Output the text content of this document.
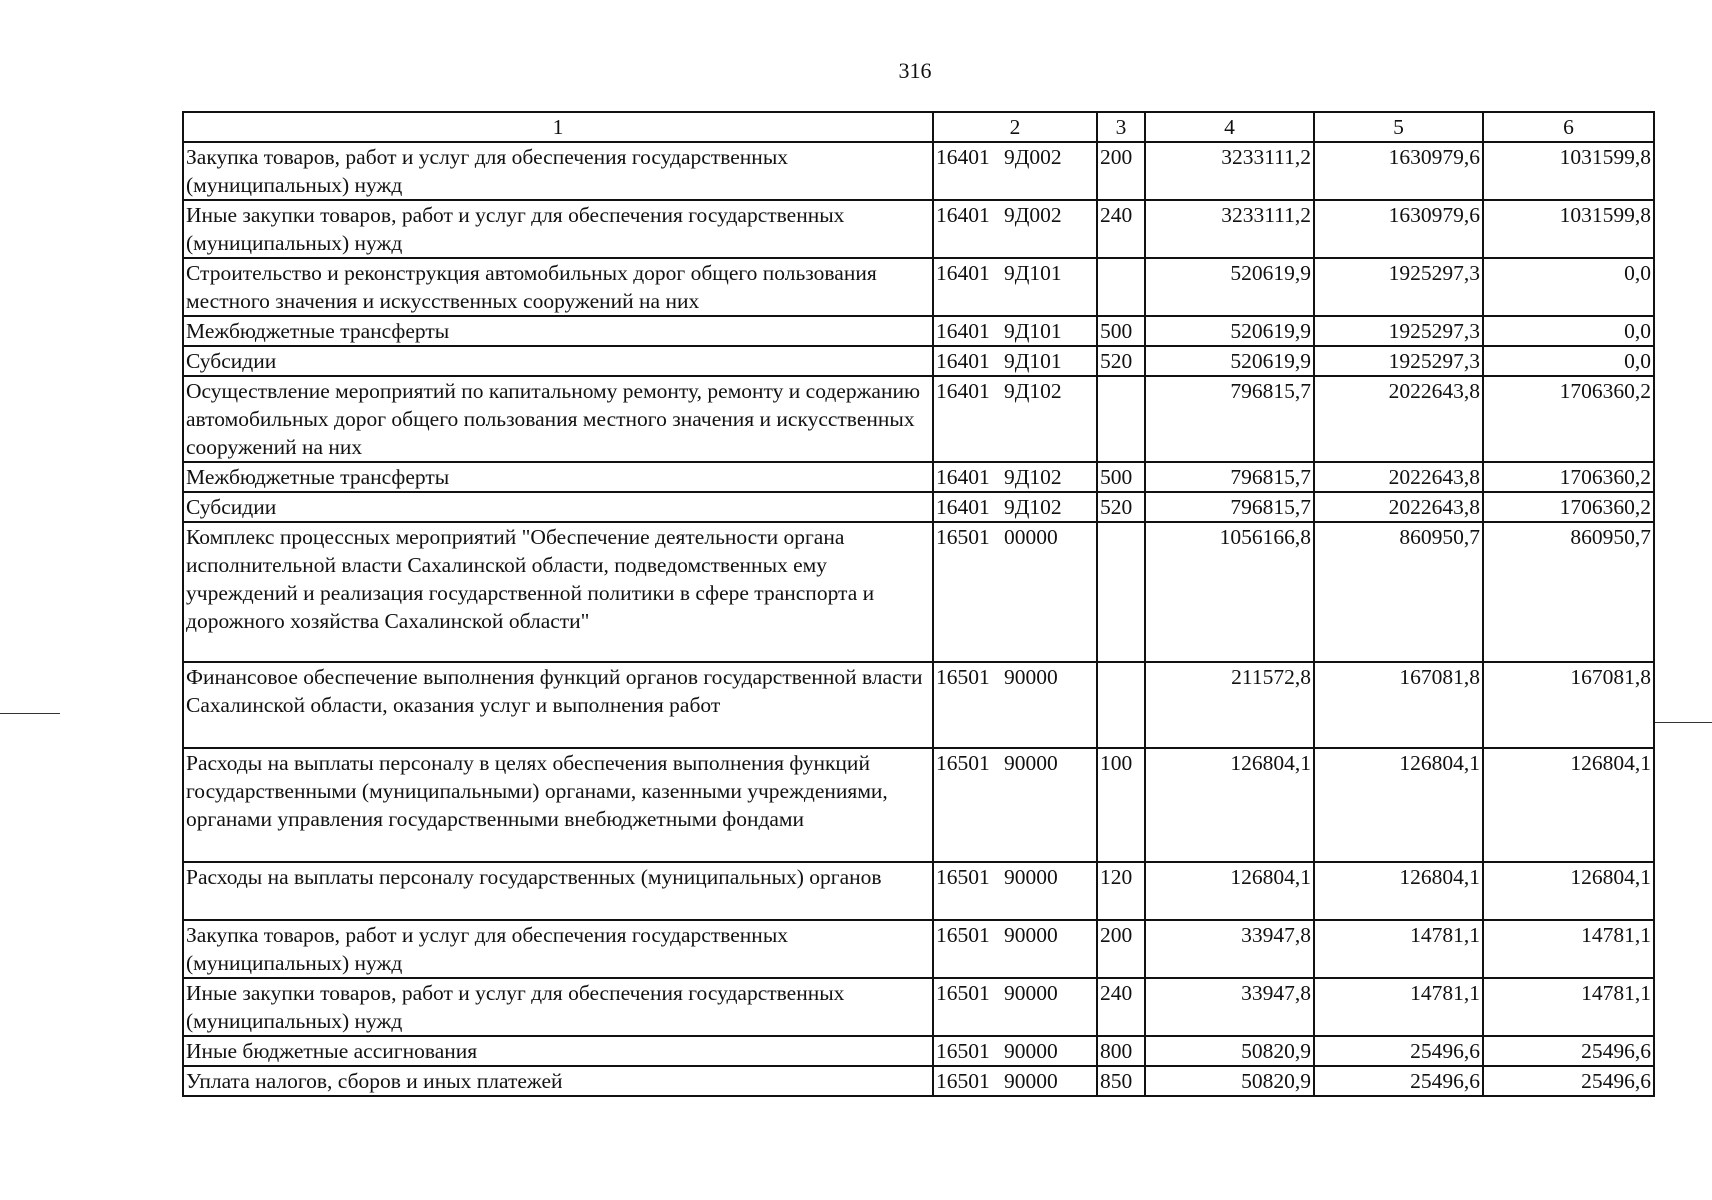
316
1	2	3	4	5	6
Закупка товаров, работ и услуг для обеспечения государственных (муниципальных) нужд	16401 9Д002	200	3233111,2	1630979,6	1031599,8
Иные закупки товаров, работ и услуг для обеспечения государственных (муниципальных) нужд	16401 9Д002	240	3233111,2	1630979,6	1031599,8
Строительство и реконструкция автомобильных дорог общего пользования местного значения и искусственных сооружений на них	16401 9Д101		520619,9	1925297,3	0,0
Межбюджетные трансферты	16401 9Д101	500	520619,9	1925297,3	0,0
Субсидии	16401 9Д101	520	520619,9	1925297,3	0,0
Осуществление мероприятий по капитальному ремонту, ремонту и содержанию автомобильных дорог общего пользования местного значения и искусственных сооружений на них	16401 9Д102		796815,7	2022643,8	1706360,2
Межбюджетные трансферты	16401 9Д102	500	796815,7	2022643,8	1706360,2
Субсидии	16401 9Д102	520	796815,7	2022643,8	1706360,2
Комплекс процессных мероприятий "Обеспечение деятельности органа исполнительной власти Сахалинской области, подведомственных ему учреждений и реализация государственной политики в сфере транспорта и дорожного хозяйства Сахалинской области"	16501 00000		1056166,8	860950,7	860950,7
Финансовое обеспечение выполнения функций органов государственной власти Сахалинской области, оказания услуг и выполнения работ	16501 90000		211572,8	167081,8	167081,8
Расходы на выплаты персоналу в целях обеспечения выполнения функций государственными (муниципальными) органами, казенными учреждениями, органами управления государственными внебюджетными фондами	16501 90000	100	126804,1	126804,1	126804,1
Расходы на выплаты персоналу государственных (муниципальных) органов	16501 90000	120	126804,1	126804,1	126804,1
Закупка товаров, работ и услуг для обеспечения государственных (муниципальных) нужд	16501 90000	200	33947,8	14781,1	14781,1
Иные закупки товаров, работ и услуг для обеспечения государственных (муниципальных) нужд	16501 90000	240	33947,8	14781,1	14781,1
Иные бюджетные ассигнования	16501 90000	800	50820,9	25496,6	25496,6
Уплата налогов, сборов и иных платежей	16501 90000	850	50820,9	25496,6	25496,6
